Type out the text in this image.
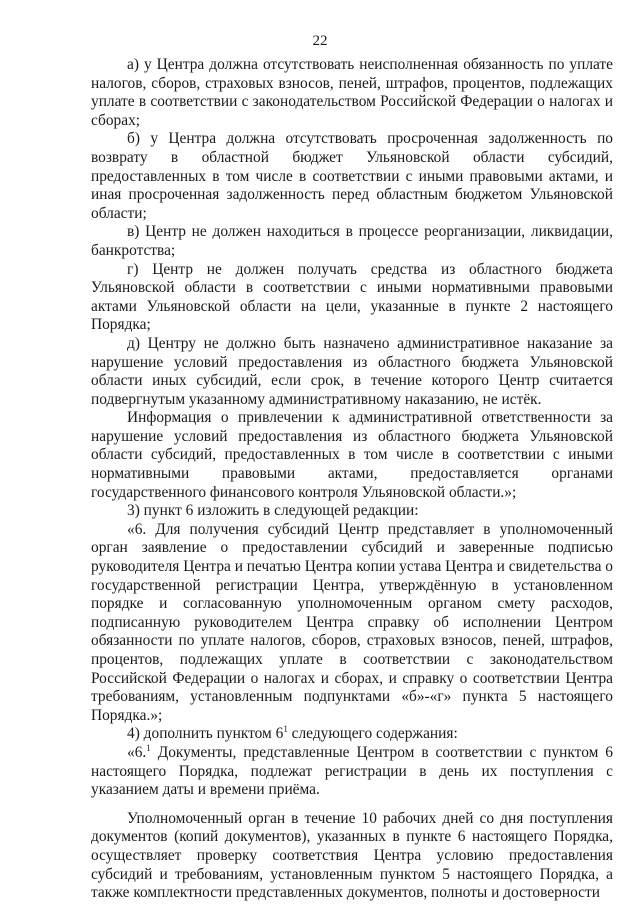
22

а) у Центра должна отсутствовать неисполненная обязанность по уплате налогов, сборов, страховых взносов, пеней, штрафов, процентов, подлежащих уплате в соответствии с законодательством Российской Федерации о налогах и сборах;

б) у Центра должна отсутствовать просроченная задолженность по возврату в областной бюджет Ульяновской области субсидий, предоставленных в том числе в соответствии с иными правовыми актами, и иная просроченная задолженность перед областным бюджетом Ульяновской области;

в) Центр не должен находиться в процессе реорганизации, ликвидации, банкротства;

г) Центр не должен получать средства из областного бюджета Ульяновской области в соответствии с иными нормативными правовыми актами Ульяновской области на цели, указанные в пункте 2 настоящего Порядка;

д) Центру не должно быть назначено административное наказание за нарушение условий предоставления из областного бюджета Ульяновской области иных субсидий, если срок, в течение которого Центр считается подвергнутым указанному административному наказанию, не истёк.

Информация о привлечении к административной ответственности за нарушение условий предоставления из областного бюджета Ульяновской области субсидий, предоставленных в том числе в соответствии с иными нормативными правовыми актами, предоставляется органами государственного финансового контроля Ульяновской области.»;

3) пункт 6 изложить в следующей редакции:

«6. Для получения субсидий Центр представляет в уполномоченный орган заявление о предоставлении субсидий и заверенные подписью руководителя Центра и печатью Центра копии устава Центра и свидетельства о государственной регистрации Центра, утверждённую в установленном порядке и согласованную уполномоченным органом смету расходов, подписанную руководителем Центра справку об исполнении Центром обязанности по уплате налогов, сборов, страховых взносов, пеней, штрафов, процентов, подлежащих уплате в соответствии с законодательством Российской Федерации о налогах и сборах, и справку о соответствии Центра требованиям, установленным подпунктами «б»-«г» пункта 5 настоящего Порядка.»;

4) дополнить пунктом $6^1$ следующего содержания:

«6.$^1$ Документы, представленные Центром в соответствии с пунктом 6 настоящего Порядка, подлежат регистрации в день их поступления с указанием даты и времени приёма.

Уполномоченный орган в течение 10 рабочих дней со дня поступления документов (копий документов), указанных в пункте 6 настоящего Порядка, осуществляет проверку соответствия Центра условию предоставления субсидий и требованиям, установленным пунктом 5 настоящего Порядка, а также комплектности представленных документов, полноты и достоверности
